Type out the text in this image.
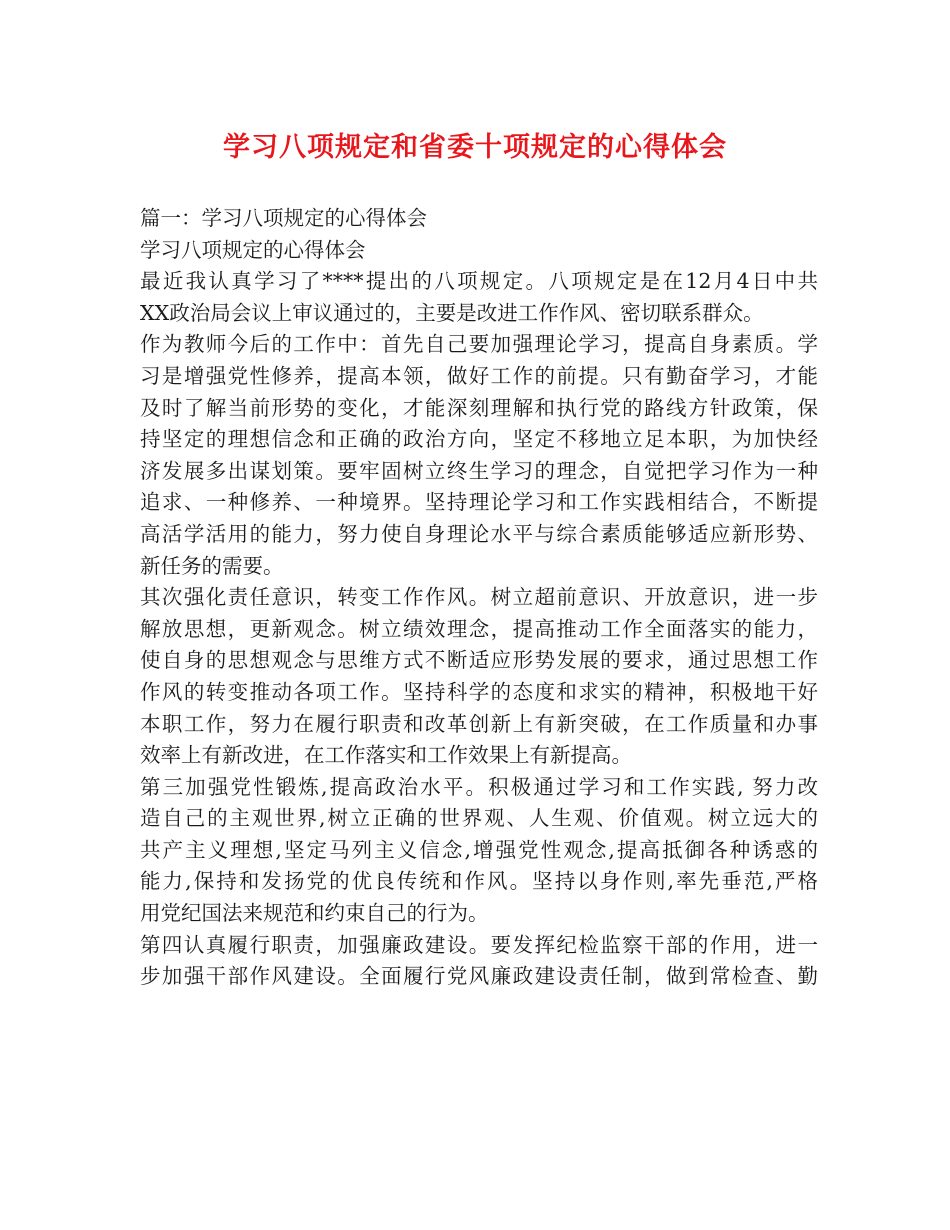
学习八项规定和省委十项规定的心得体会
篇一：学习八项规定的心得体会
学习八项规定的心得体会
最近我认真学习了****提出的八项规定。八项规定是在12月4日中共
XX政治局会议上审议通过的，主要是改进工作作风、密切联系群众。
作为教师今后的工作中：首先自己要加强理论学习，提高自身素质。学
习是增强党性修养，提高本领，做好工作的前提。只有勤奋学习，才能
及时了解当前形势的变化，才能深刻理解和执行党的路线方针政策，保
持坚定的理想信念和正确的政治方向，坚定不移地立足本职，为加快经
济发展多出谋划策。要牢固树立终生学习的理念，自觉把学习作为一种
追求、一种修养、一种境界。坚持理论学习和工作实践相结合，不断提
高活学活用的能力，努力使自身理论水平与综合素质能够适应新形势、
新任务的需要。
其次强化责任意识，转变工作作风。树立超前意识、开放意识，进一步
解放思想，更新观念。树立绩效理念，提高推动工作全面落实的能力，
使自身的思想观念与思维方式不断适应形势发展的要求，通过思想工作
作风的转变推动各项工作。坚持科学的态度和求实的精神，积极地干好
本职工作，努力在履行职责和改革创新上有新突破，在工作质量和办事
效率上有新改进，在工作落实和工作效果上有新提高。
第三加强党性锻炼,提高政治水平。积极通过学习和工作实践, 努力改
造自己的主观世界,树立正确的世界观、人生观、价值观。树立远大的
共产主义理想,坚定马列主义信念,增强党性观念,提高抵御各种诱惑的
能力,保持和发扬党的优良传统和作风。坚持以身作则,率先垂范,严格
用党纪国法来规范和约束自己的行为。
第四认真履行职责，加强廉政建设。要发挥纪检监察干部的作用，进一
步加强干部作风建设。全面履行党风廉政建设责任制，做到常检查、勤
